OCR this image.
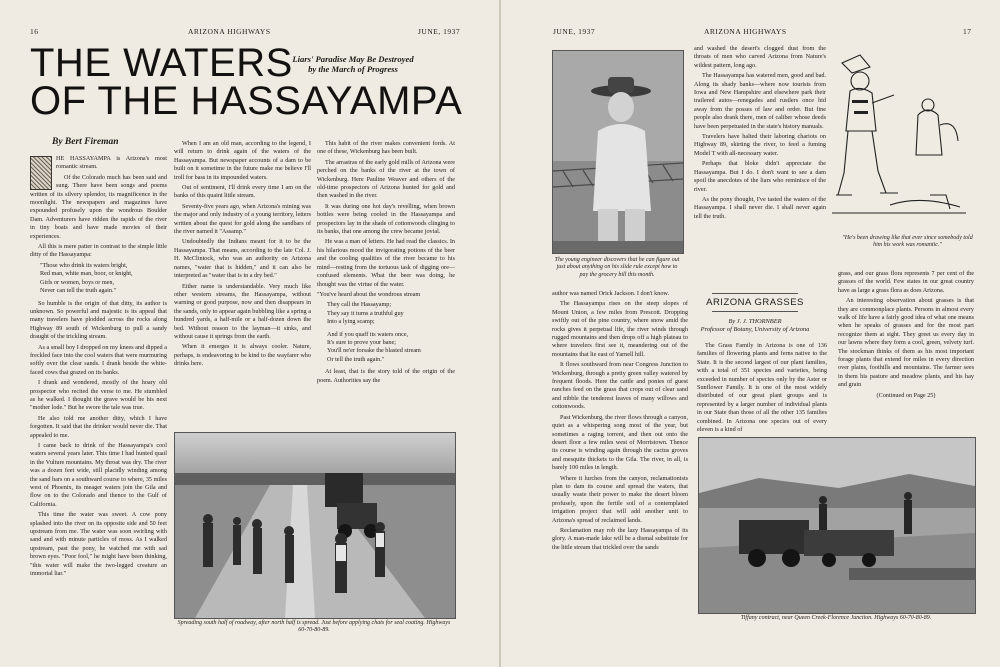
16	ARIZONA HIGHWAYS	JUNE, 1937
THE WATERS
OF THE HASSAYAMPA
Liars' Paradise May Be Destroyed by the March of Progress
By Bert Fireman

HE HASSAYAMPA is Arizona's most romantic stream.

Of the Colorado much has been said and sung. There have been songs and poems written of its silvery splendor, its magnificence in the moonlight. The newspapers and magazines have expounded profusely upon the wondrous Boulder Dam. Adventurers have ridden the rapids of the river in tiny boats and have made movies of their experiences.

All this is mere patter in contrast to the simple little ditty of the Hassayampa:

"Those who drink its waters bright,

Red man, white man, boor, or knight,

Girls or women, boys or men,

Never can tell the truth again."

So humble is the origin of that ditty, its author is unknown. So powerful and majestic is its appeal that many travelers have plodded across the rocks along Highway 89 south of Wickenburg to pull a sandy draught of the trickling stream.

As a small boy I dropped on my knees and dipped a freckled face into the cool waters that were murmuring softly over the clear sands. I drank beside the white-faced cows that grazed on its banks.

I drank and wondered, mostly of the hoary old prospector who recited the verse to me. He stumbled as he walked. I thought the grave would be his next "mother lode." But he swore the tale was true.

He also told me another ditty, which I have forgotten. It said that the drinker would never die. That appealed to me.

I came back to drink of the Hassayampa's cool waters several years later. This time I had hunted quail in the Vulture mountains. My throat was dry. The river was a dozen feet wide, still placidly winding among the sand bars on a southward course to where, 35 miles west of Phoenix, its meager waters join the Gila and flow on to the Colorado and thence to the Gulf of California.

This time the water was sweet. A cow pony splashed into the river on its opposite side and 50 feet upstream from me. The water was soon swirling with sand and with minute particles of moss. As I walked upstream, past the pony, he watched me with sad brown eyes. "Poor fool," he might have been thinking, "this water will make the two-legged creature an immortal liar."

When I am an old man, according to the legend, I will return to drink again of the waters of the Hassayampa. But newspaper accounts of a dam to be built on it sometime in the future make me believe I'll troll for bass in its impounded waters.

Out of sentiment, I'll drink every time I am on the banks of this quaint little stream.

Seventy-five years ago, when Arizona's mining was the major and only industry of a young territory, letters written about the quest for gold along the sandbars of the river named it "Assamp."

Undoubtedly the Indians meant for it to be the Hassayampa. That means, according to the late Col. J. H. McClintock, who was an authority on Arizona names, "water that is hidden," and it can also be interpreted as "water that is in a dry bed."

Either name is understandable. Very much like other western streams, the Hassayampa, without warning or good purpose, now and then disappears in the sands, only to appear again bubbling like a spring a hundred yards, a half-mile or a half-dozen down the bed. Without reason to the layman—it sinks, and without cause it springs from the earth.

When it emerges it is always cooler. Nature, perhaps, is endeavoring to be kind to the wayfarer who drinks here.

This habit of the river makes convenient fords. At one of these, Wickenburg has been built.

The arrastras of the early gold mills of Arizona were perched on the banks of the river at the town of Wickenburg. Here Pauline Weaver and others of the old-time prospectors of Arizona hunted for gold and then washed in the river.

It was during one hot day's revelling, when brown bottles were being cooled in the Hassayampa and prospectors lay in the shade of cottonwoods clinging to its banks, that one among the crew became jovial.

He was a man of letters. He had read the classics. In his hilarious mood the invigorating potions of the beer and the cooling qualities of the river became to his mind—resting from the tortuous task of digging ore—confused elements. What the beer was doing, he thought was the virtue of the water.

"You've heard about the wondrous stream

They call the Hassayamp;

They say it turns a truthful guy

Into a lying scamp;

And if you quaff its waters once,

It's sure to prove your bane;

You'll ne'er forsake the blasted stream

Or tell the truth again."

At least, that is the story told of the origin of the poem. Authorities say the

Spreading south half of roadway, after north half is spread. Just before applying chats for seal coating. Highways 60-70-80-89.
JUNE, 1937	ARIZONA HIGHWAYS	17
The young engineer discovers that he can figure out just about anything on his slide rule except how to pay the grocery bill this month.
"He's been drawing like that ever since somebody told him his work was romantic."

author was named Orick Jackson. I don't know.

The Hassayampa rises on the steep slopes of Mount Union, a few miles from Prescott. Dropping swiftly out of the pine country, where snow amid the rocks gives it perpetual life, the river winds through rugged mountains and then drops off a high plateau to where travelers first see it, meandering out of the mountains that lie east of Yarnell hill.

It flows southward from near Congress Junction to Wickenburg, through a pretty green valley watered by frequent floods. Here the cattle and ponies of guest ranches feed on the grass that crops out of clear sand and nibble the tenderest leaves of many willows and cottonwoods.

Past Wickenburg, the river flows through a canyon, quiet as a whispering song most of the year, but sometimes a raging torrent, and then out onto the desert floor a few miles west of Morristown. Thence its course is winding again through the cactus groves and mesquite thickets to the Gila. The river, in all, is barely 100 miles in length.

Where it lurches from the canyon, reclamationists plan to dam its course and spread the waters, that usually waste their power to make the desert bloom profusely, upon the fertile soil of a contemplated irrigation project that will add another unit to Arizona's spread of reclaimed lands.

Reclamation may rob the lazy Hassayampa of its glory. A man-made lake will be a dismal substitute for the little stream that trickled over the sands

and washed the desert's clogged dust from the throats of men who carved Arizona from Nature's wildest pattern, long ago.

The Hassayampa has watered men, good and bad. Along its shady banks—where now tourists from Iowa and New Hampshire and elsewhere park their trailered autos—renegades and rustlers once hid away from the posses of law and order. But fine people also drank there, men of caliber whose deeds have been perpetuated in the state's history manuals.

Travelers have halted their laboring chariots on Highway 89, skirting the river, to feed a fuming Model T with all-necessary water.

Perhaps that bloke didn't appreciate the Hassayampa. But I do. I don't want to see a dam spoil the anecdotes of the liars who reminisce of the river.

As the pony thought, I've tasted the waters of the Hassayampa. I shall never die. I shall never again tell the truth.

ARIZONA GRASSES
By J. J. THORNBER
Professor of Botany, University of Arizona

The Grass Family in Arizona is one of 136 families of flowering plants and ferns native to the State. It is the second largest of our plant families, with a total of 351 species and varieties, being exceeded in number of species only by the Aster or Sunflower Family. It is one of the most widely distributed of our great plant groups and is represented by a larger number of individual plants in our State than those of all the other 135 families combined. In Arizona one species out of every eleven is a kind of

grass, and our grass flora represents 7 per cent of the grasses of the world. Few states in our great country have as large a grass flora as does Arizona.

An interesting observation about grasses is that they are commonplace plants. Persons in almost every walk of life have a fairly good idea of what one means when he speaks of grasses and for the most part recognize them at sight. They greet us every day in our lawns where they form a cool, green, velvety turf. The stockman thinks of them as his most important forage plants that extend for miles in every direction over plains, foothills and mountains. The farmer sees in them his pasture and meadow plants, and his hay and grain

(Continued on Page 25)

Tiffany contract, near Queen Creek-Florence Junction. Highways 60-70-80-89.
